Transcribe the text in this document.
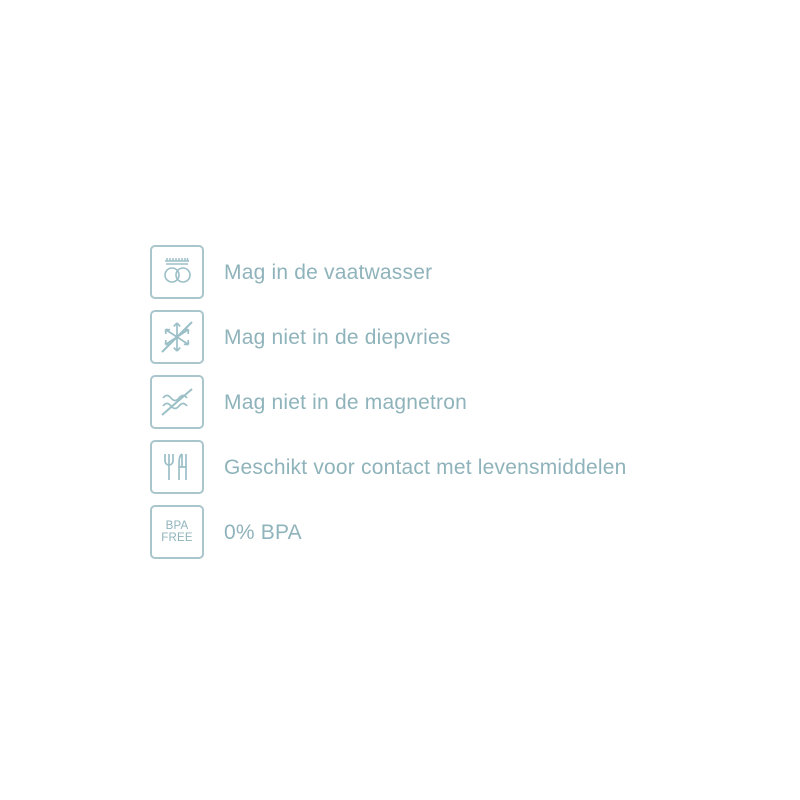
Mag in de vaatwasser
Mag niet in de diepvries
Mag niet in de magnetron
Geschikt voor contact met levensmiddelen
BPA
FREE 0% BPA
